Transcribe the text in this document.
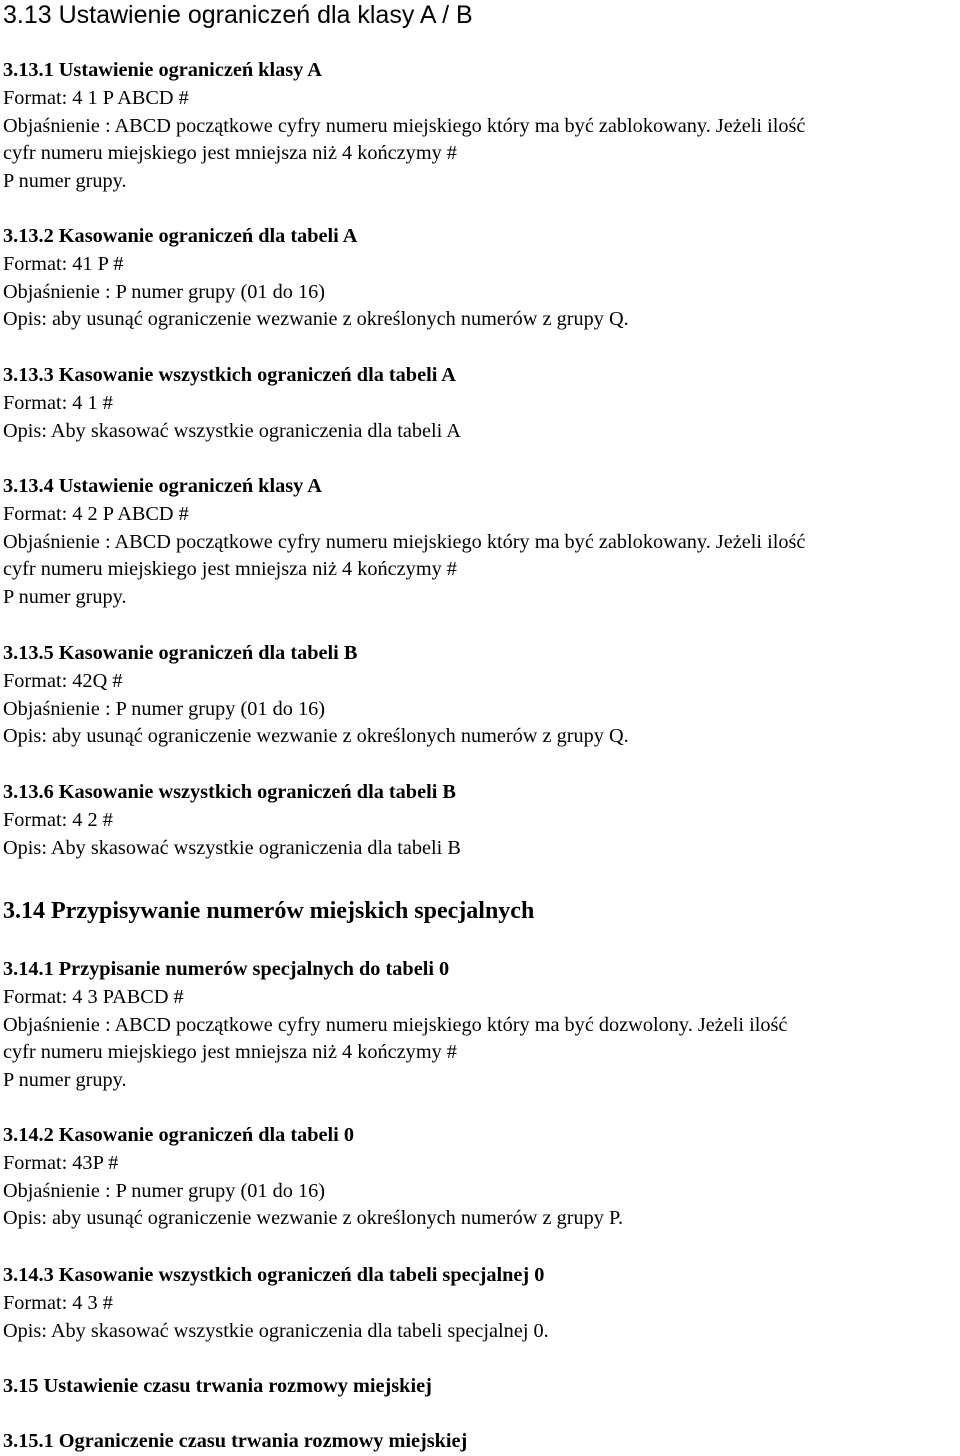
3.13 Ustawienie ograniczeń dla klasy A / B
3.13.1 Ustawienie ograniczeń klasy A
Format: 4 1 P ABCD #
Objaśnienie : ABCD początkowe cyfry numeru miejskiego który ma być zablokowany. Jeżeli ilość
cyfr numeru miejskiego jest mniejsza niż 4 kończymy #
P numer grupy.
3.13.2 Kasowanie ograniczeń dla tabeli A
Format: 41 P #
Objaśnienie : P numer grupy (01 do 16)
Opis: aby usunąć ograniczenie wezwanie z określonych numerów z grupy Q.
3.13.3 Kasowanie wszystkich ograniczeń dla tabeli A
Format: 4 1 #
Opis: Aby skasować wszystkie ograniczenia dla tabeli A
3.13.4 Ustawienie ograniczeń klasy A
Format: 4 2 P ABCD #
Objaśnienie : ABCD początkowe cyfry numeru miejskiego który ma być zablokowany. Jeżeli ilość
cyfr numeru miejskiego jest mniejsza niż 4 kończymy #
P numer grupy.
3.13.5 Kasowanie ograniczeń dla tabeli B
Format: 42Q #
Objaśnienie : P numer grupy (01 do 16)
Opis: aby usunąć ograniczenie wezwanie z określonych numerów z grupy Q.
3.13.6 Kasowanie wszystkich ograniczeń dla tabeli B
Format: 4 2 #
Opis: Aby skasować wszystkie ograniczenia dla tabeli B
3.14 Przypisywanie numerów miejskich specjalnych
3.14.1 Przypisanie numerów specjalnych do tabeli 0
Format: 4 3 PABCD #
Objaśnienie : ABCD początkowe cyfry numeru miejskiego który ma być dozwolony. Jeżeli ilość
cyfr numeru miejskiego jest mniejsza niż 4 kończymy #
P numer grupy.
3.14.2 Kasowanie ograniczeń dla tabeli 0
Format: 43P #
Objaśnienie : P numer grupy (01 do 16)
Opis: aby usunąć ograniczenie wezwanie z określonych numerów z grupy P.
3.14.3 Kasowanie wszystkich ograniczeń dla tabeli specjalnej 0
Format: 4 3 #
Opis: Aby skasować wszystkie ograniczenia dla tabeli specjalnej 0.
3.15 Ustawienie czasu trwania rozmowy miejskiej
3.15.1 Ograniczenie czasu trwania rozmowy miejskiej
